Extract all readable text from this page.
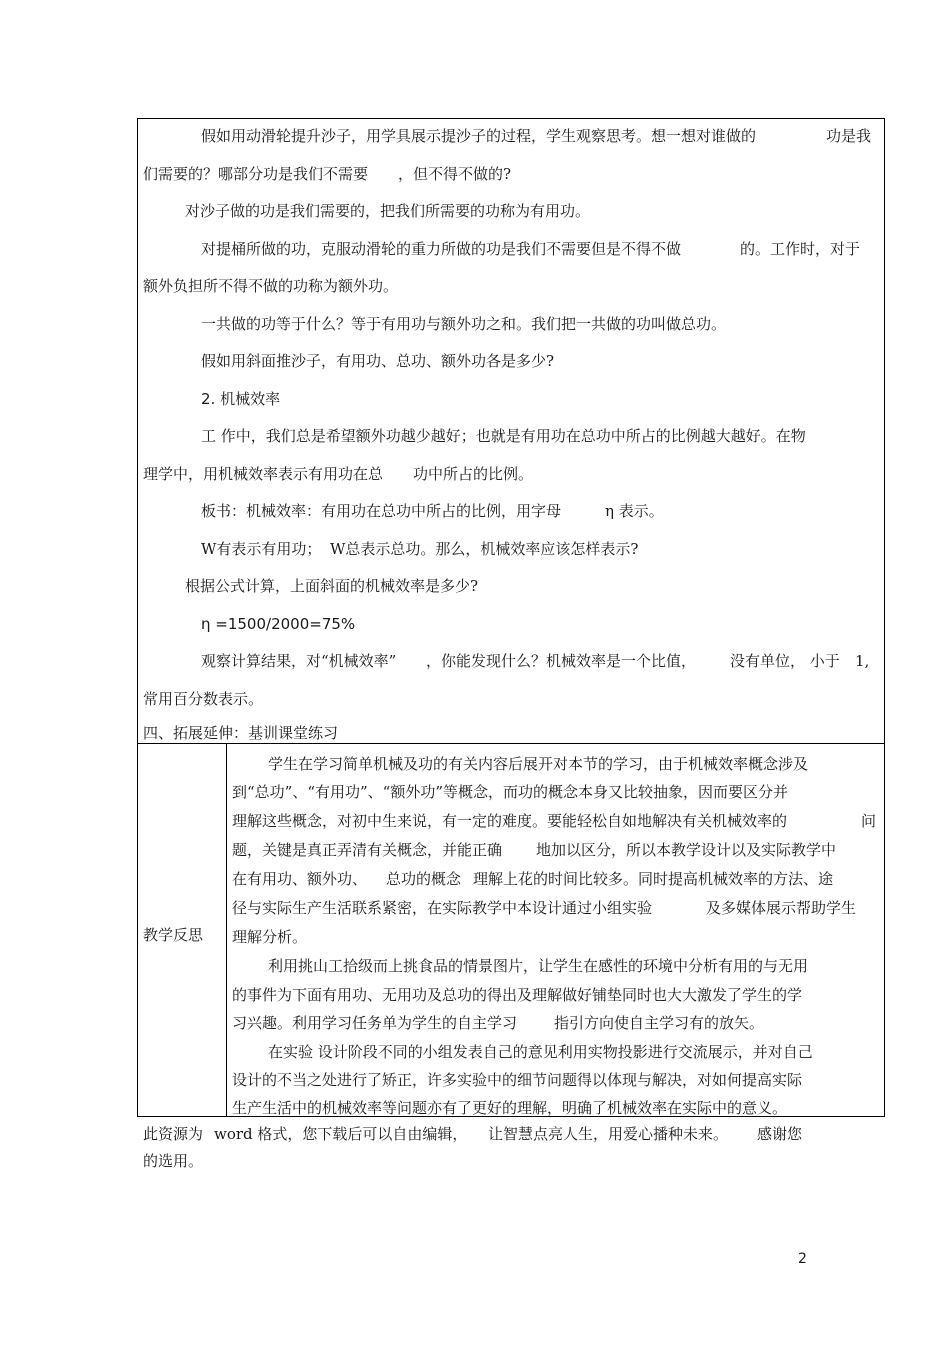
假如用动滑轮提升沙子，用学具展示提沙子的过程，学生观察思考。想一想对谁做的	功是我
们需要的？哪部分功是我们不需要 ，但不得不做的?
对沙子做的功是我们需要的，把我们所需要的功称为有用功。
对提桶所做的功，克服动滑轮的重力所做的功是我们不需要但是不得不做	的。工作时，对于
额外负担所不得不做的功称为额外功。
一共做的功等于什么？等于有用功与额外功之和。我们把一共做的功叫做总功。
假如用斜面推沙子，有用功、总功、额外功各是多少?
2. 机械效率
工 作中，我们总是希望额外功越少越好；也就是有用功在总功中所占的比例越大越好。在物
理学中，用机械效率表示有用功在总 功中所占的比例。
板书：机械效率：有用功在总功中所占的比例，用字母	η 表示。
W有表示有用功； W总表示总功。那么，机械效率应该怎样表示?
根据公式计算，上面斜面的机械效率是多少?
η =1500/2000=75%
观察计算结果，对“机械效率” ，你能发现什么？机械效率是一个比值， 没有单位， 小于 1,
常用百分数表示。
四、拓展延伸：基训课堂练习
教学反思
学生在学习简单机械及功的有关内容后展开对本节的学习，由于机械效率概念涉及
到“总功”、“有用功”、“额外功”等概念，而功的概念本身又比较抽象，因而要区分并
理解这些概念，对初中生来说，有一定的难度。要能轻松自如地解决有关机械效率的	问
题，关键是真正弄清有关概念，并能正确 地加以区分，所以本教学设计以及实际教学中
在有用功、额外功、 总功的概念 理解上花的时间比较多。同时提高机械效率的方法、途
径与实际生产生活联系紧密，在实际教学中本设计通过小组实验	及多媒体展示帮助学生
理解分析。
利用挑山工拾级而上挑食品的情景图片，让学生在感性的环境中分析有用的与无用
的事件为下面有用功、无用功及总功的得出及理解做好铺垫同时也大大激发了学生的学
习兴趣。利用学习任务单为学生的自主学习 指引方向使自主学习有的放矢。
在实验 设计阶段不同的小组发表自己的意见利用实物投影进行交流展示，并对自己
设计的不当之处进行了矫正，许多实验中的细节问题得以体现与解决，对如何提高实际
生产生活中的机械效率等问题亦有了更好的理解，明确了机械效率在实际中的意义。
此资源为 word 格式，您下载后可以自由编辑， 让智慧点亮人生，用爱心播种未来。 感谢您
的选用。
2
